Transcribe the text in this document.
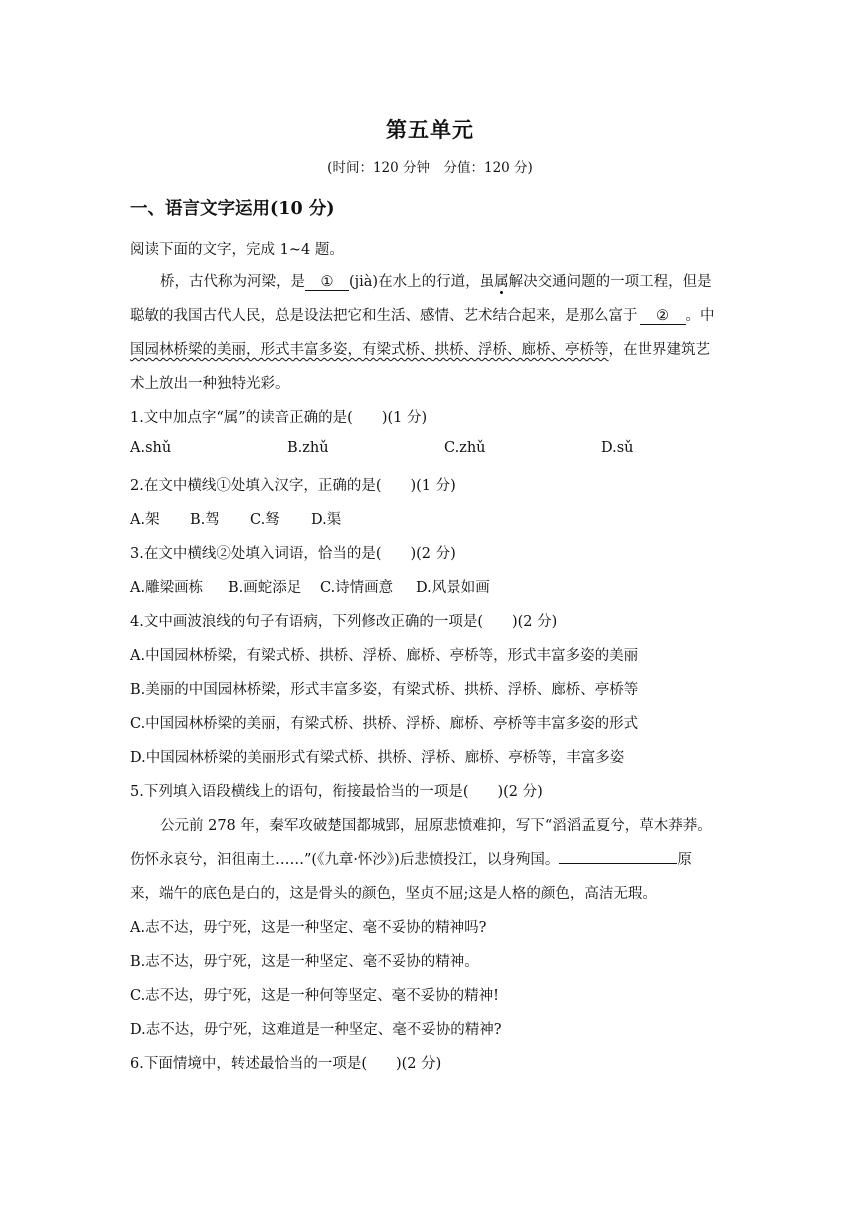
第五单元
(时间：120 分钟　分值：120 分)
一、语言文字运用(10 分)
阅读下面的文字，完成 1~4 题。
桥，古代称为河梁，是 ① (jià)在水上的行道，虽属解决交通问题的一项工程，但是
聪敏的我国古代人民，总是设法把它和生活、感情、艺术结合起来，是那么富于 ② 。中
国园林桥梁的美丽，形式丰富多姿，有梁式桥、拱桥、浮桥、廊桥、亭桥等，在世界建筑艺
术上放出一种独特光彩。
1.文中加点字“属”的读音正确的是(　　)(1 分)
A.shǔ	B.zhǔ	C.zhǔ	D.sǔ
2.在文中横线①处填入汉字，正确的是(　　)(1 分)
A.架 B.驾 C.驽 D.渠
3.在文中横线②处填入词语，恰当的是(　　)(2 分)
A.雕梁画栋 B.画蛇添足 C.诗情画意 D.风景如画
4.文中画波浪线的句子有语病，下列修改正确的一项是(　　)(2 分)
A.中国园林桥梁，有梁式桥、拱桥、浮桥、廊桥、亭桥等，形式丰富多姿的美丽
B.美丽的中国园林桥梁，形式丰富多姿，有梁式桥、拱桥、浮桥、廊桥、亭桥等
C.中国园林桥梁的美丽，有梁式桥、拱桥、浮桥、廊桥、亭桥等丰富多姿的形式
D.中国园林桥梁的美丽形式有梁式桥、拱桥、浮桥、廊桥、亭桥等，丰富多姿
5.下列填入语段横线上的语句，衔接最恰当的一项是(　　)(2 分)
公元前 278 年，秦军攻破楚国都城郢，屈原悲愤难抑，写下“滔滔孟夏兮，草木莽莽。
伤怀永哀兮，汩徂南土……”(《九章·怀沙》)后悲愤投江，以身殉国。	原
来，端午的底色是白的，这是骨头的颜色，坚贞不屈;这是人格的颜色，高洁无瑕。
A.志不达，毋宁死，这是一种坚定、毫不妥协的精神吗?
B.志不达，毋宁死，这是一种坚定、毫不妥协的精神。
C.志不达，毋宁死，这是一种何等坚定、毫不妥协的精神!
D.志不达，毋宁死，这难道是一种坚定、毫不妥协的精神?
6.下面情境中，转述最恰当的一项是(　　)(2 分)
